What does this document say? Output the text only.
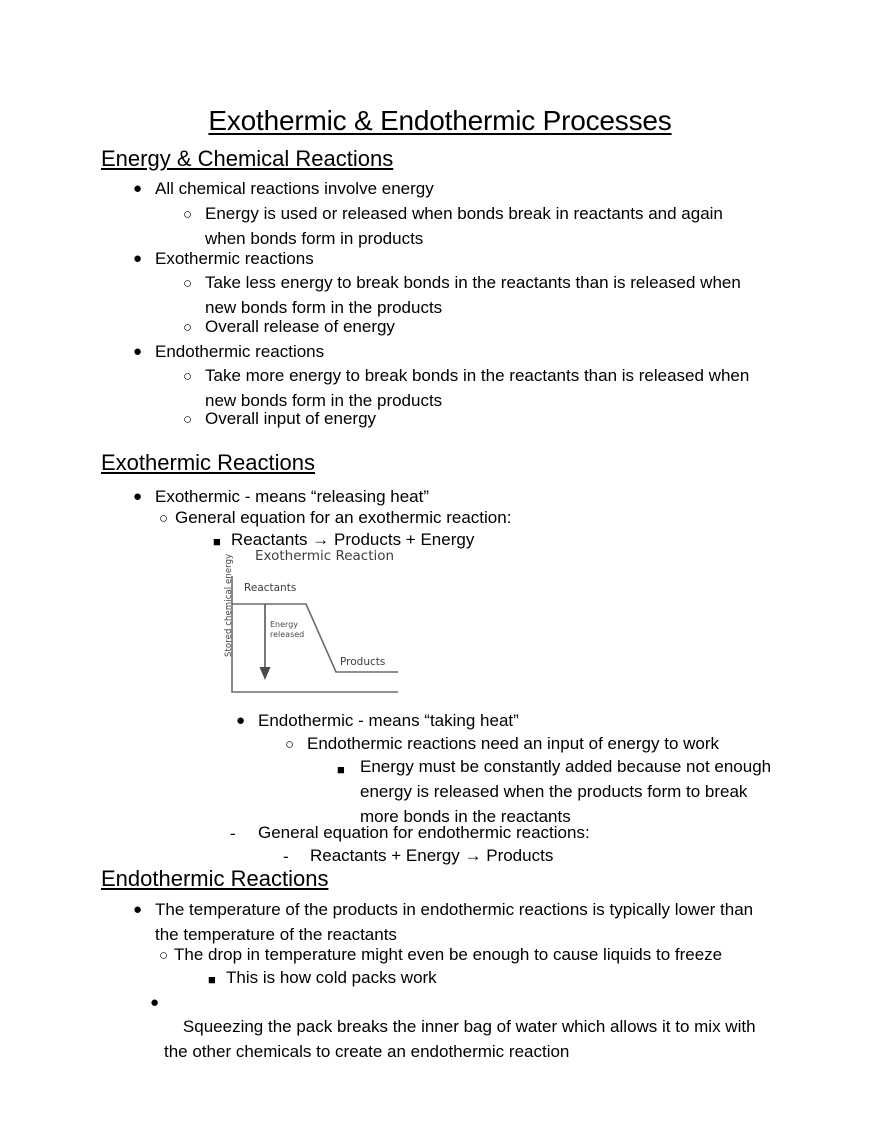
Exothermic & Endothermic Processes
Energy & Chemical Reactions
● All chemical reactions involve energy
○ Energy is used or released when bonds break in reactants and again when bonds form in products
● Exothermic reactions
○ Take less energy to break bonds in the reactants than is released when new bonds form in the products
○ Overall release of energy
● Endothermic reactions
○ Take more energy to break bonds in the reactants than is released when new bonds form in the products
○ Overall input of energy
Exothermic Reactions
● Exothermic - means “releasing heat”
○ General equation for an exothermic reaction:
■ Reactants → Products + Energy
Exothermic Reaction
Stored chemical energy Reactants
Products
Energy
released
● Endothermic - means “taking heat”
○ Endothermic reactions need an input of energy to work
■ Energy must be constantly added because not enough energy is released when the products form to break more bonds in the reactants
- General equation for endothermic reactions:
- Reactants + Energy → Products
Endothermic Reactions
● The temperature of the products in endothermic reactions is typically lower than the temperature of the reactants
○ The drop in temperature might even be enough to cause liquids to freeze
■ This is how cold packs work
●

Squeezing the pack breaks the inner bag of water which allows it to mix with the other chemicals to create an endothermic reaction
